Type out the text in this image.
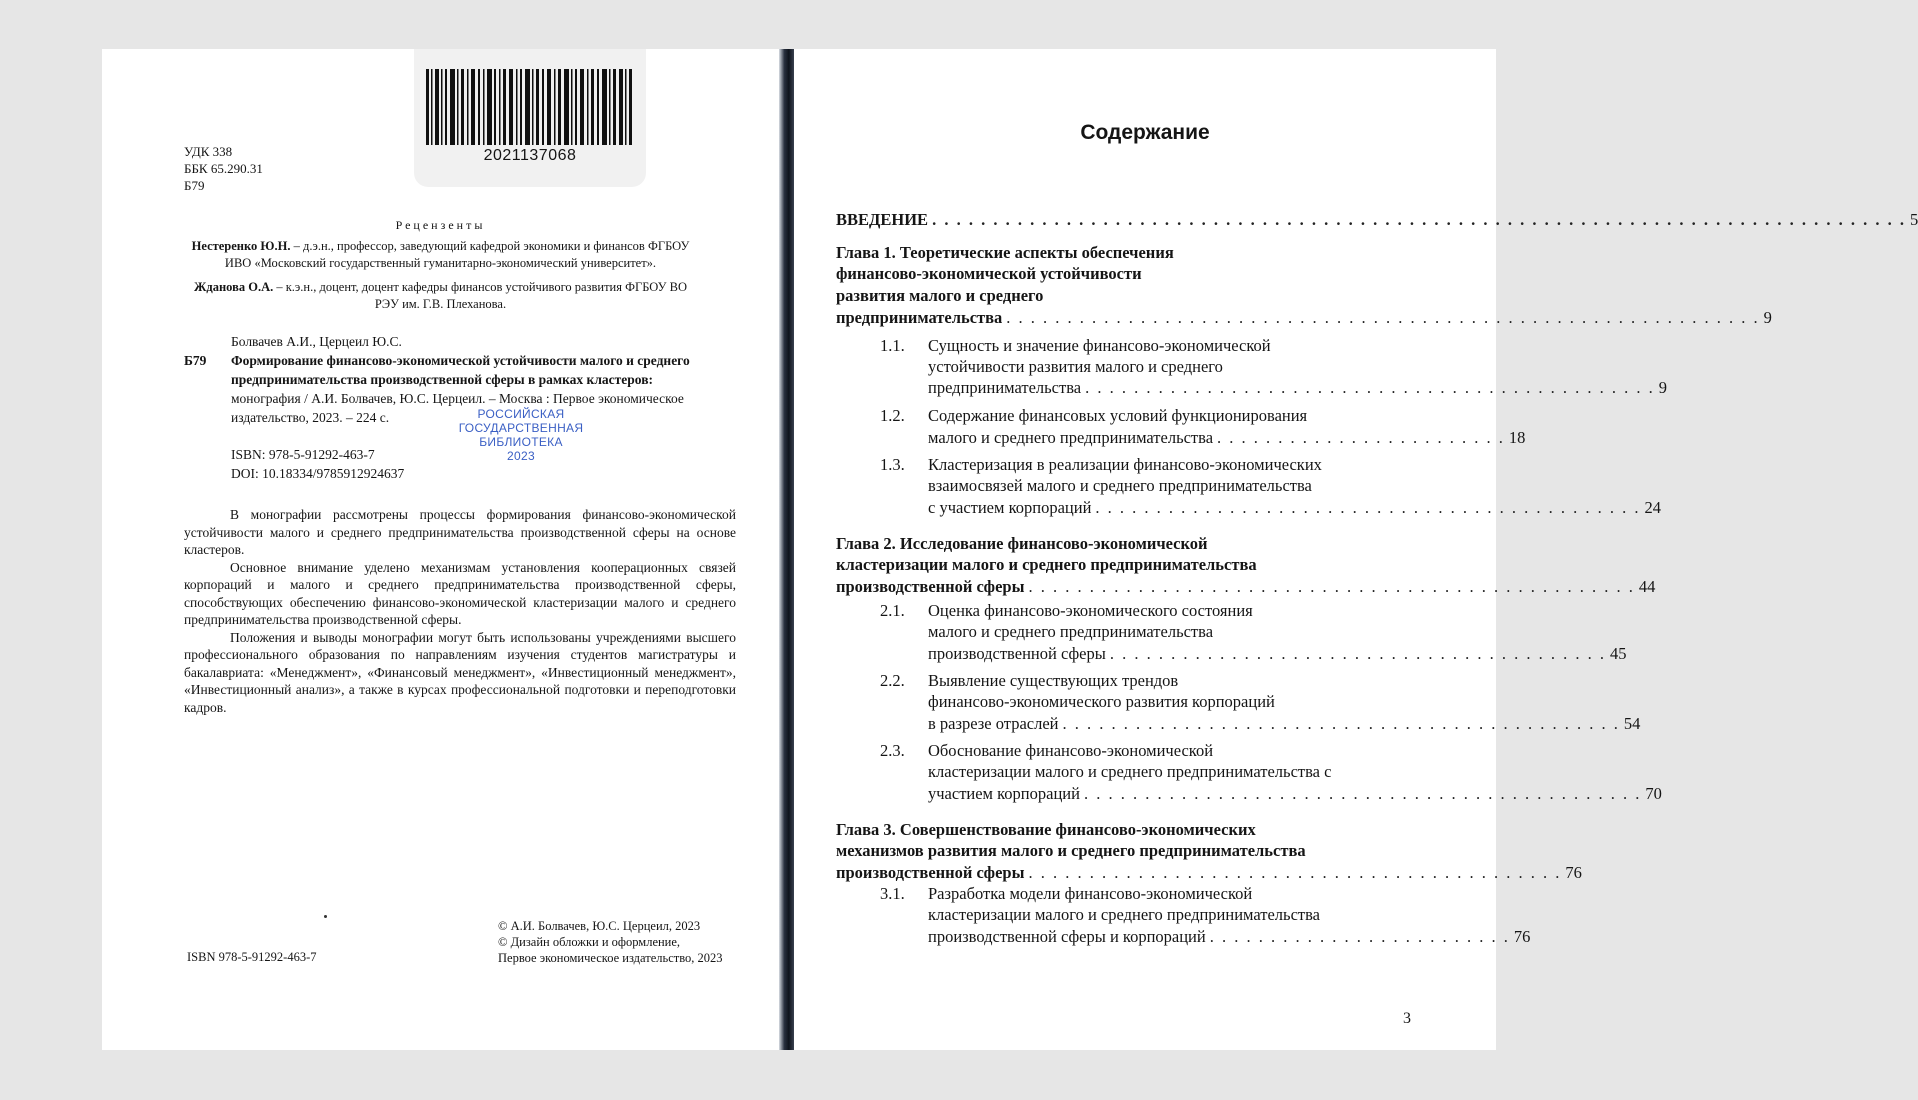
2021137068
УДК 338
ББК 65.290.31
Б79
Рецензенты
Нестеренко Ю.Н. – д.э.н., профессор, заведующий кафедрой экономики и финансов ФГБОУ
ИВО «Московский государственный гуманитарно-экономический университет».
Жданова О.А. – к.э.н., доцент, доцент кафедры финансов устойчивого развития ФГБОУ ВО
РЭУ им. Г.В. Плеханова.
Болвачев А.И., Церцеил Ю.С.
Б79 Формирование финансово-экономической устойчивости малого и среднего
предпринимательства производственной сферы в рамках кластеров:
монография / А.И. Болвачев, Ю.С. Церцеил. – Москва : Первое экономическое
издательство, 2023. – 224 с.	РОССИЙСКАЯ
ГОСУДАРСТВЕННАЯ
БИБЛИОТЕКА
2023
ISBN: 978-5-91292-463-7
DOI: 10.18334/9785912924637

В монографии рассмотрены процессы формирования финансово-экономической устойчивости малого и среднего предпринимательства производственной сферы на основе кластеров.

Основное внимание уделено механизмам установления кооперационных связей корпораций и малого и среднего предпринимательства производственной сферы, способствующих обеспечению финансово-экономической кластеризации малого и среднего предпринимательства производственной сферы.

Положения и выводы монографии могут быть использованы учреждениями высшего профессионального образования по направлениям изучения студентов магистратуры и бакалавриата: «Менеджмент», «Финансовый менеджмент», «Инвестиционный менеджмент», «Инвестиционный анализ», а также в курсах профессиональной подготовки и переподготовки кадров.

© А.И. Болвачев, Ю.С. Церцеил, 2023
© Дизайн обложки и оформление,
Первое экономическое издательство, 2023
ISBN 978-5-91292-463-7
Содержание
ВВЕДЕНИЕ . . . . . . . . . . . . . . . . . . . . . . . . . . . . . . . . . . . . . . . . . . . . . . . . . . . . . . . . . . . . . . . . . . . . . . . . . . . . . . . . 5
Глава 1. Теоретические аспекты обеспечения
финансово-экономической устойчивости
развития малого и среднего
предпринимательства . . . . . . . . . . . . . . . . . . . . . . . . . . . . . . . . . . . . . . . . . . . . . . . . . . . . . . . . . . . . . . 9
1.1. Сущность и значение финансово-экономической
устойчивости развития малого и среднего
предпринимательства . . . . . . . . . . . . . . . . . . . . . . . . . . . . . . . . . . . . . . . . . . . . . . . 9
1.2. Содержание финансовых условий функционирования
малого и среднего предпринимательства . . . . . . . . . . . . . . . . . . . . . . . . 18
1.3. Кластеризация в реализации финансово-экономических
взаимосвязей малого и среднего предпринимательства
с участием корпораций . . . . . . . . . . . . . . . . . . . . . . . . . . . . . . . . . . . . . . . . . . . . . 24
Глава 2. Исследование финансово-экономической
кластеризации малого и среднего предпринимательства
производственной сферы . . . . . . . . . . . . . . . . . . . . . . . . . . . . . . . . . . . . . . . . . . . . . . . . . . 44
2.1. Оценка финансово-экономического состояния
малого и среднего предпринимательства
производственной сферы . . . . . . . . . . . . . . . . . . . . . . . . . . . . . . . . . . . . . . . . . 45
2.2. Выявление существующих трендов
финансово-экономического развития корпораций
в разрезе отраслей . . . . . . . . . . . . . . . . . . . . . . . . . . . . . . . . . . . . . . . . . . . . . . 54
2.3. Обоснование финансово-экономической
кластеризации малого и среднего предпринимательства с
участием корпораций . . . . . . . . . . . . . . . . . . . . . . . . . . . . . . . . . . . . . . . . . . . . . . 70
Глава 3. Совершенствование финансово-экономических
механизмов развития малого и среднего предпринимательства
производственной сферы . . . . . . . . . . . . . . . . . . . . . . . . . . . . . . . . . . . . . . . . . . . . 76
3.1. Разработка модели финансово-экономической
кластеризации малого и среднего предпринимательства
производственной сферы и корпораций . . . . . . . . . . . . . . . . . . . . . . . . . 76
3
